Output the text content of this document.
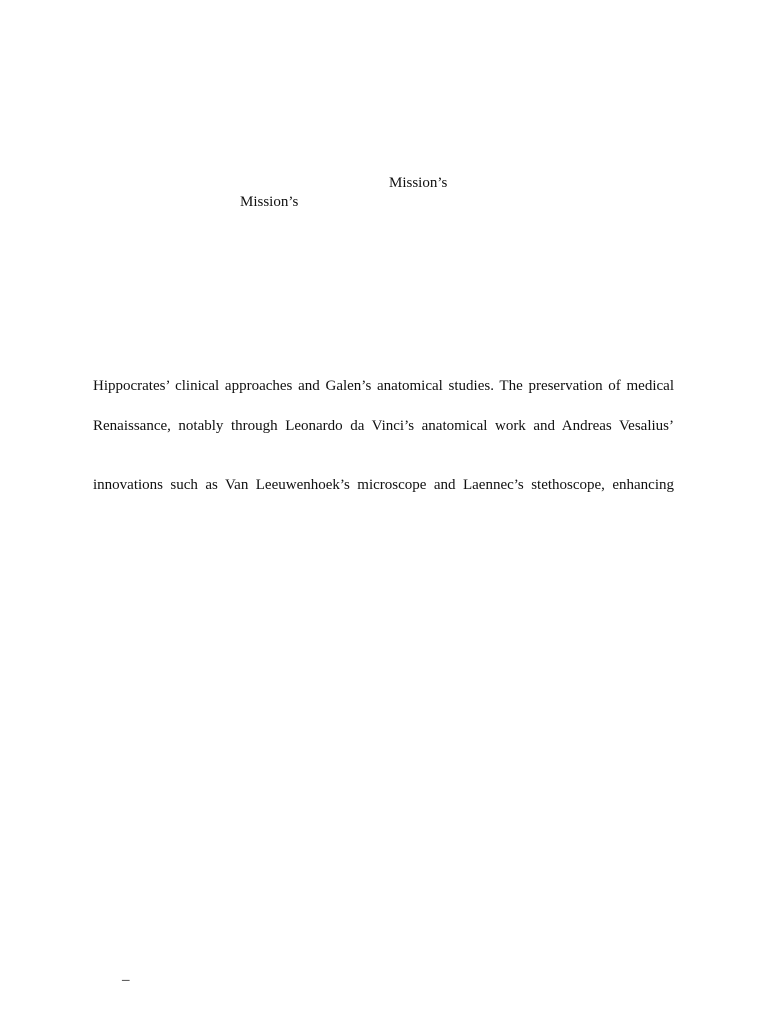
Mission’s
Mission’s
Hippocrates’ clinical approaches and Galen’s anatomical studies. The preservation of medical
Renaissance, notably through Leonardo da Vinci’s anatomical work and Andreas Vesalius’
innovations such as Van Leeuwenhoek’s microscope and Laennec’s stethoscope, enhancing
–
